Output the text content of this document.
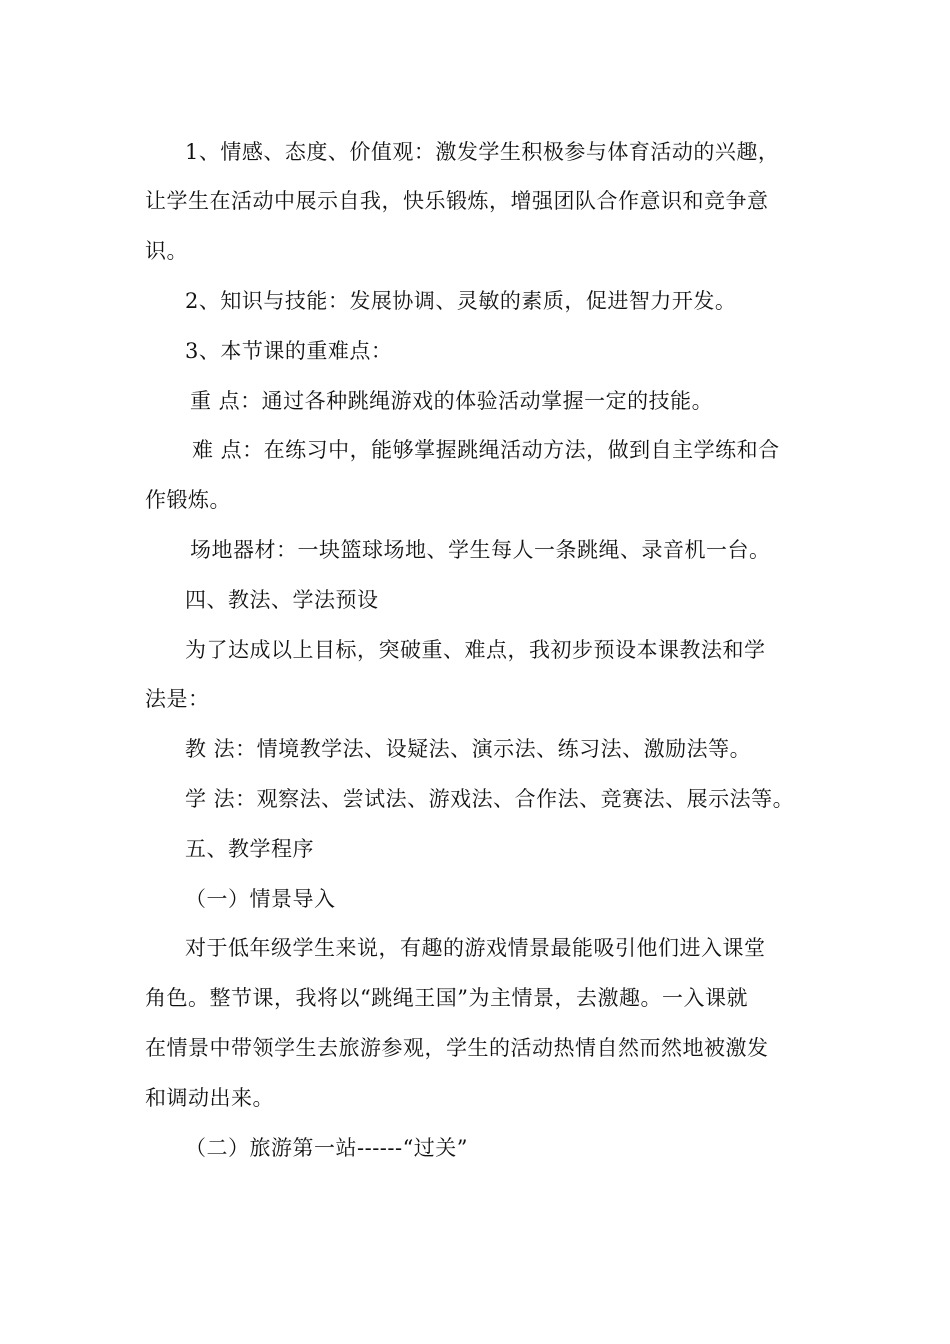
1、情感、态度、价值观：激发学生积极参与体育活动的兴趣，
让学生在活动中展示自我，快乐锻炼，增强团队合作意识和竞争意
识。
2、知识与技能：发展协调、灵敏的素质，促进智力开发。
3、本节课的重难点：
重 点：通过各种跳绳游戏的体验活动掌握一定的技能。
难 点：在练习中，能够掌握跳绳活动方法，做到自主学练和合
作锻炼。
场地器材：一块篮球场地、学生每人一条跳绳、录音机一台。
四、教法、学法预设
为了达成以上目标，突破重、难点，我初步预设本课教法和学
法是：
教 法：情境教学法、设疑法、演示法、练习法、激励法等。
学 法：观察法、尝试法、游戏法、合作法、竞赛法、展示法等。
五、教学程序
（一）情景导入
对于低年级学生来说，有趣的游戏情景最能吸引他们进入课堂
角色。整节课，我将以“跳绳王国”为主情景，去激趣。一入课就
在情景中带领学生去旅游参观，学生的活动热情自然而然地被激发
和调动出来。
（二）旅游第一站------“过关”
